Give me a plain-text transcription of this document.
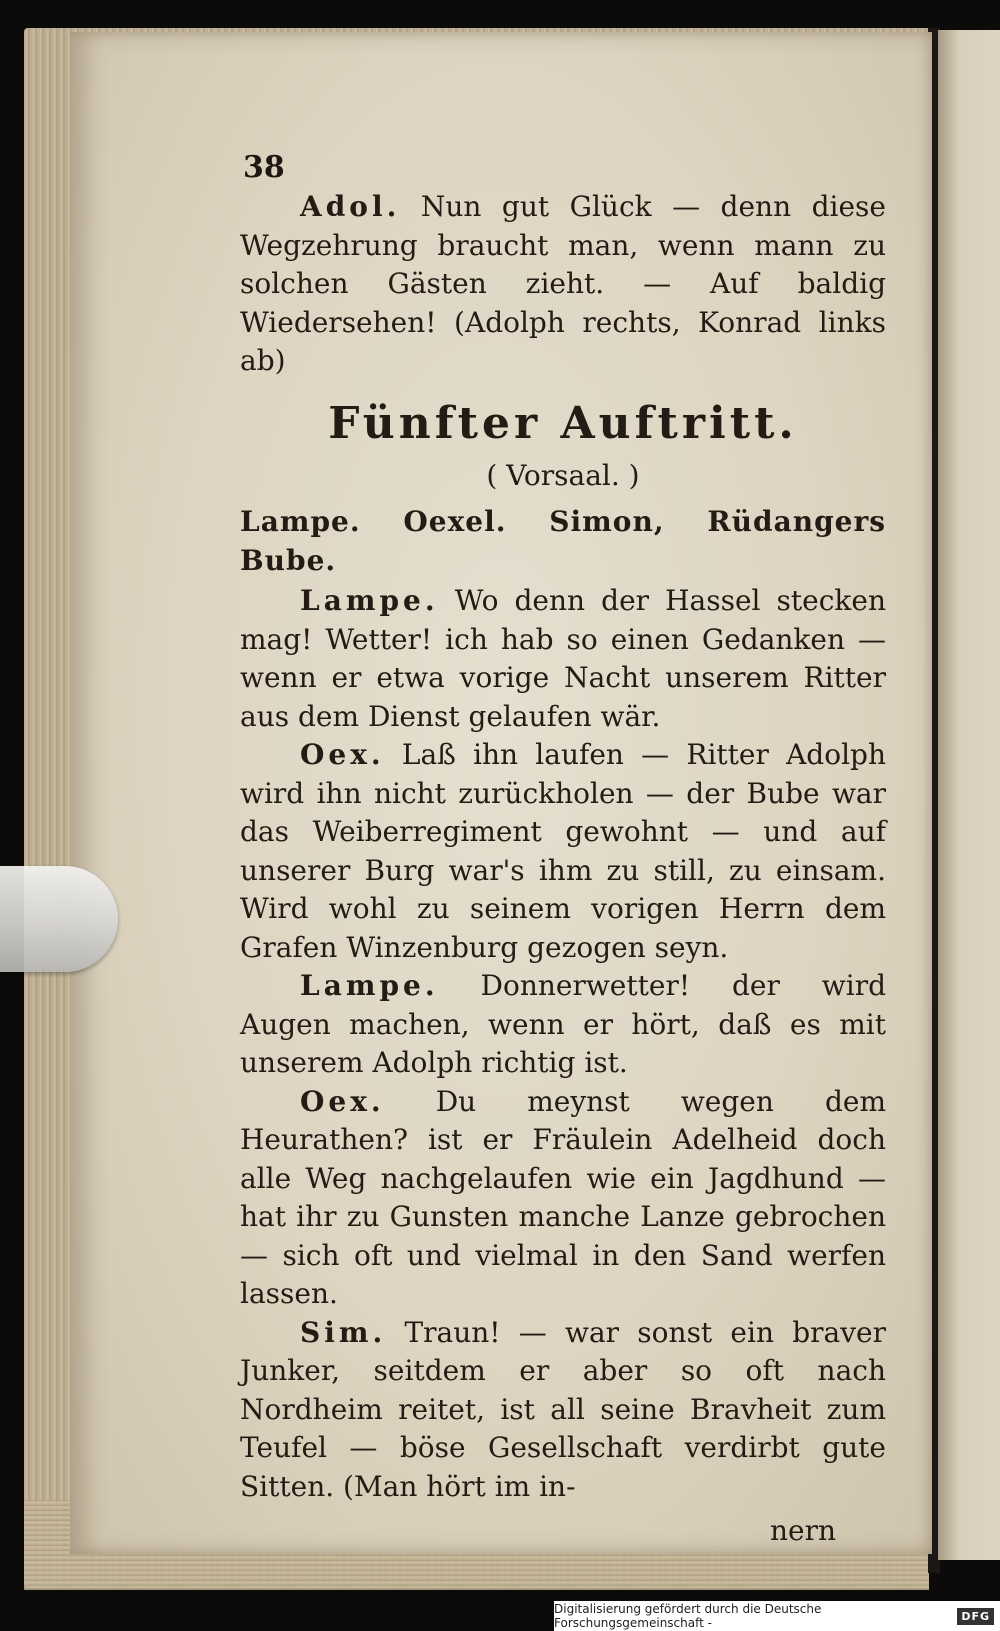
38

Adol. Nun gut Glück — denn diese Wegzehrung braucht man, wenn mann zu solchen Gästen zieht. — Auf baldig Wiedersehen! (Adolph rechts, Konrad links ab)

Fünfter Auftritt.
( Vorsaal. )

Lampe. Oexel. Simon, Rüdangers Bube.

Lampe. Wo denn der Hassel stecken mag! Wetter! ich hab so einen Gedanken — wenn er etwa vorige Nacht unserem Ritter aus dem Dienst gelaufen wär.

Oex. Laß ihn laufen — Ritter Adolph wird ihn nicht zurückholen — der Bube war das Weiberregiment gewohnt — und auf unserer Burg war's ihm zu still, zu einsam. Wird wohl zu seinem vorigen Herrn dem Grafen Winzenburg gezogen seyn.

Lampe. Donnerwetter! der wird Augen machen, wenn er hört, daß es mit unserem Adolph richtig ist.

Oex. Du meynst wegen dem Heurathen? ist er Fräulein Adelheid doch alle Weg nachgelaufen wie ein Jagdhund — hat ihr zu Gunsten manche Lanze gebrochen — sich oft und vielmal in den Sand werfen lassen.

Sim. Traun! — war sonst ein braver Junker, seitdem er aber so oft nach Nordheim reitet, ist all seine Bravheit zum Teufel — böse Gesellschaft verdirbt gute Sitten. (Man hört im in-

nern

Digitalisierung gefördert durch die Deutsche Forschungsgemeinschaft -	DFG
